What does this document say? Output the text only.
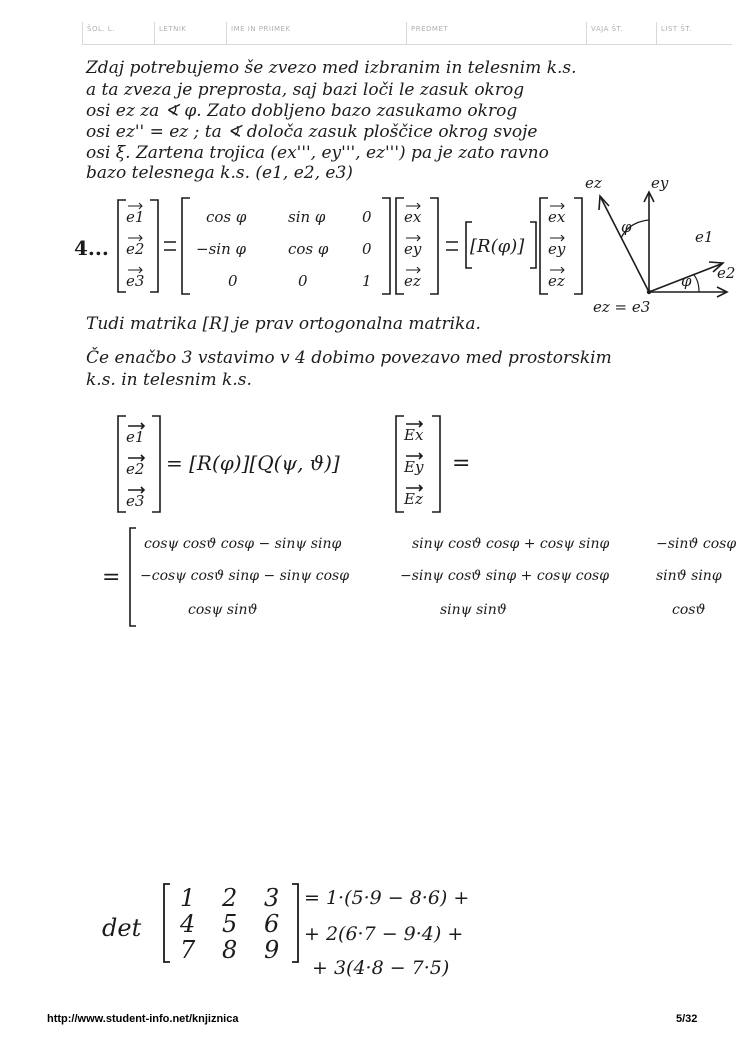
ŠOL. L.	LETNIK	IME IN PRIIMEK	PREDMET	VAJA ŠT.	LIST ŠT.
Zdaj potrebujemo še zvezo med izbranim in telesnim k.s.
a ta zveza je preprosta, saj bazi loči le zasuk okrog
osi ez za ∢ φ. Zato dobljeno bazo zasukamo okrog
osi ez'' = ez ; ta ∢ določa zasuk ploščice okrog svoje
osi ξ. Zartena trojica (ex''', ey''', ez''') pa je zato ravno
bazo telesnega k.s. (e1, e2, e3)
4...
e1
e2
e3
cos φ	sin φ 0
−sin φ	cos φ 0
0	0	1
ex
ey
ez
[R(φ)]
ex
ey
ez
ez	ey
e1
e2
φ
φ
ez = e3
Tudi matrika [R] je prav ortogonalna matrika.
Če enačbo 3 vstavimo v 4 dobimo povezavo med prostorskim
k.s. in telesnim k.s.
e1
e2
e3
= [R(φ)][Q(ψ, ϑ)]
Ex
Ey
Ez
=
=
cosψ cosϑ cosφ − sinψ sinφ	sinψ cosϑ cosφ + cosψ sinφ	−sinϑ cosφ
−cosψ cosϑ sinφ − sinψ cosφ	−sinψ cosϑ sinφ + cosψ cosφ	sinϑ sinφ
cosψ sinϑ	sinψ sinϑ	cosϑ
det
1 2 3
4 5 6
7 8 9
= 1·(5·9 − 8·6) +
+ 2(6·7 − 9·4) +
+ 3(4·8 − 7·5)
http://www.student-info.net/knjiznica	5/32
